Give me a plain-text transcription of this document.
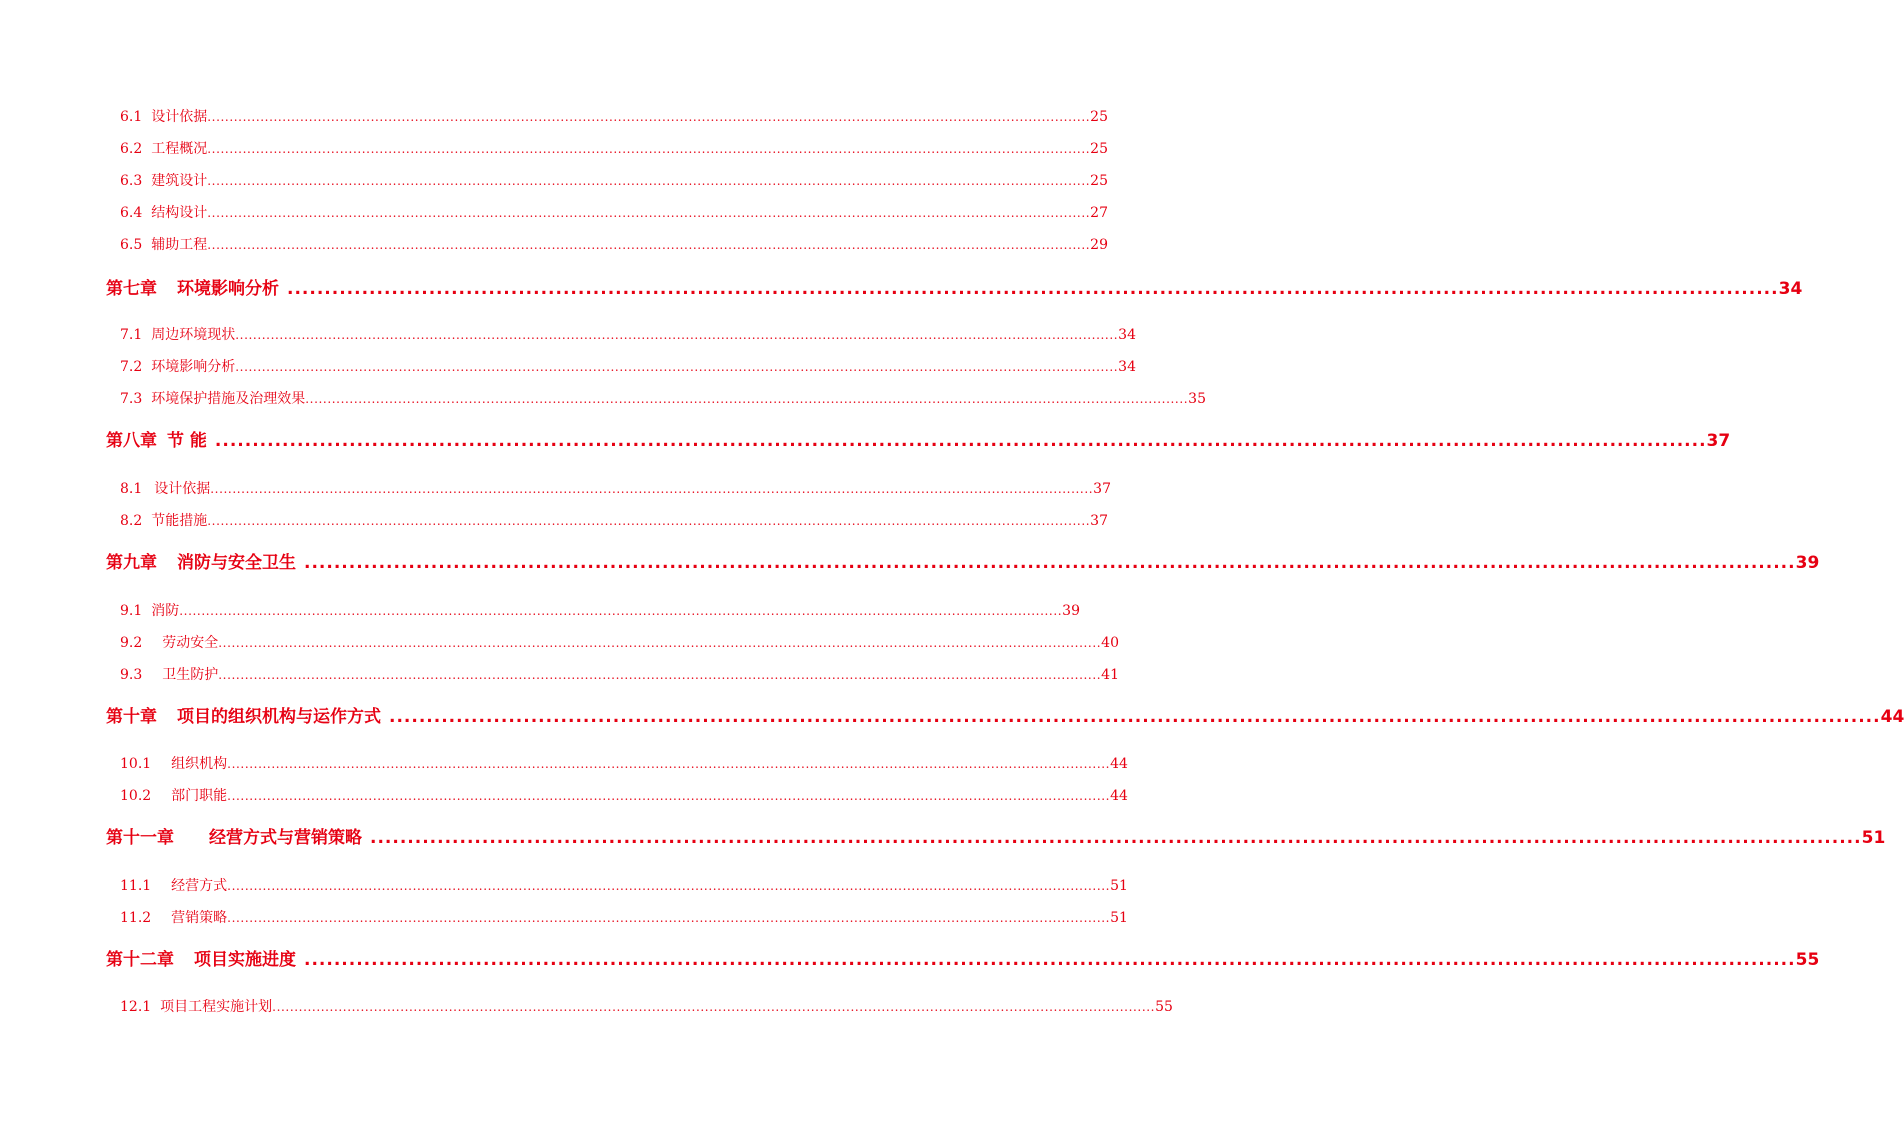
6.1 设计依据 ........................................................................................................................................................................................................ 25
6.2 工程概况 ........................................................................................................................................................................................................ 25
6.3 建筑设计 ........................................................................................................................................................................................................ 25
6.4 结构设计 ........................................................................................................................................................................................................ 27
6.5 辅助工程 ........................................................................................................................................................................................................ 29
第七章 环境影响分析 ........................................................................................................................................................................................................ 34
7.1 周边环境现状 ........................................................................................................................................................................................................ 34
7.2 环境影响分析 ........................................................................................................................................................................................................ 34
7.3 环境保护措施及治理效果 ........................................................................................................................................................................................................ 35
第八章 节 能 ........................................................................................................................................................................................................ 37
8.1 设计依据 ........................................................................................................................................................................................................ 37
8.2 节能措施 ........................................................................................................................................................................................................ 37
第九章 消防与安全卫生 ........................................................................................................................................................................................................ 39
9.1 消防 ........................................................................................................................................................................................................ 39
9.2 劳动安全 ........................................................................................................................................................................................................ 40
9.3 卫生防护 ........................................................................................................................................................................................................ 41
第十章 项目的组织机构与运作方式 ........................................................................................................................................................................................................ 44
10.1 组织机构 ........................................................................................................................................................................................................ 44
10.2 部门职能 ........................................................................................................................................................................................................ 44
第十一章 经营方式与营销策略 ........................................................................................................................................................................................................ 51
11.1 经营方式 ........................................................................................................................................................................................................ 51
11.2 营销策略 ........................................................................................................................................................................................................ 51
第十二章 项目实施进度 ........................................................................................................................................................................................................ 55
12.1 项目工程实施计划 ........................................................................................................................................................................................................ 55
